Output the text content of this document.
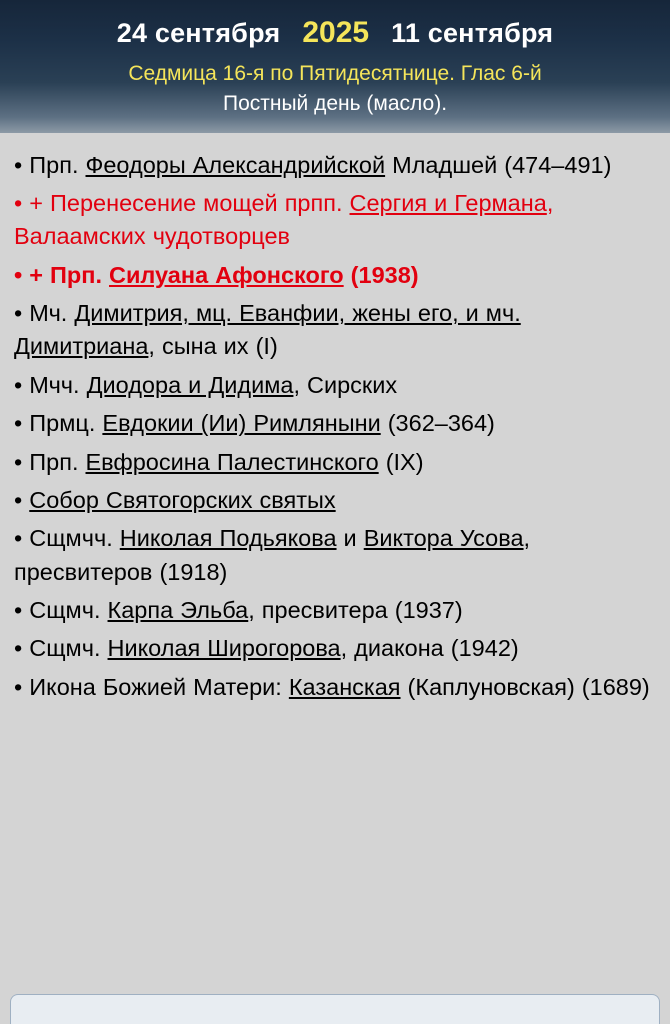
24 сентября 2025 11 сентября
Седмица 16-я по Пятидесятнице. Глас 6-й
Постный день (масло).

• Прп. Феодоры Александрийской Младшей (474–491)

• + Перенесение мощей прпп. Сергия и Германа, Валаамских чудотворцев

• + Прп. Силуана Афонского (1938)

• Мч. Димитрия, мц. Еванфии, жены его, и мч. Димитриана, сына их (I)

• Мчч. Диодора и Дидима, Сирских

• Прмц. Евдокии (Ии) Римляныни (362–364)

• Прп. Евфросина Палестинского (IX)

• Собор Святогорских святых

• Сщмчч. Николая Подьякова и Виктора Усова, пресвитеров (1918)

• Сщмч. Карпа Эльба, пресвитера (1937)

• Сщмч. Николая Широгорова, диакона (1942)

• Икона Божией Матери: Казанская (Каплуновская) (1689)
